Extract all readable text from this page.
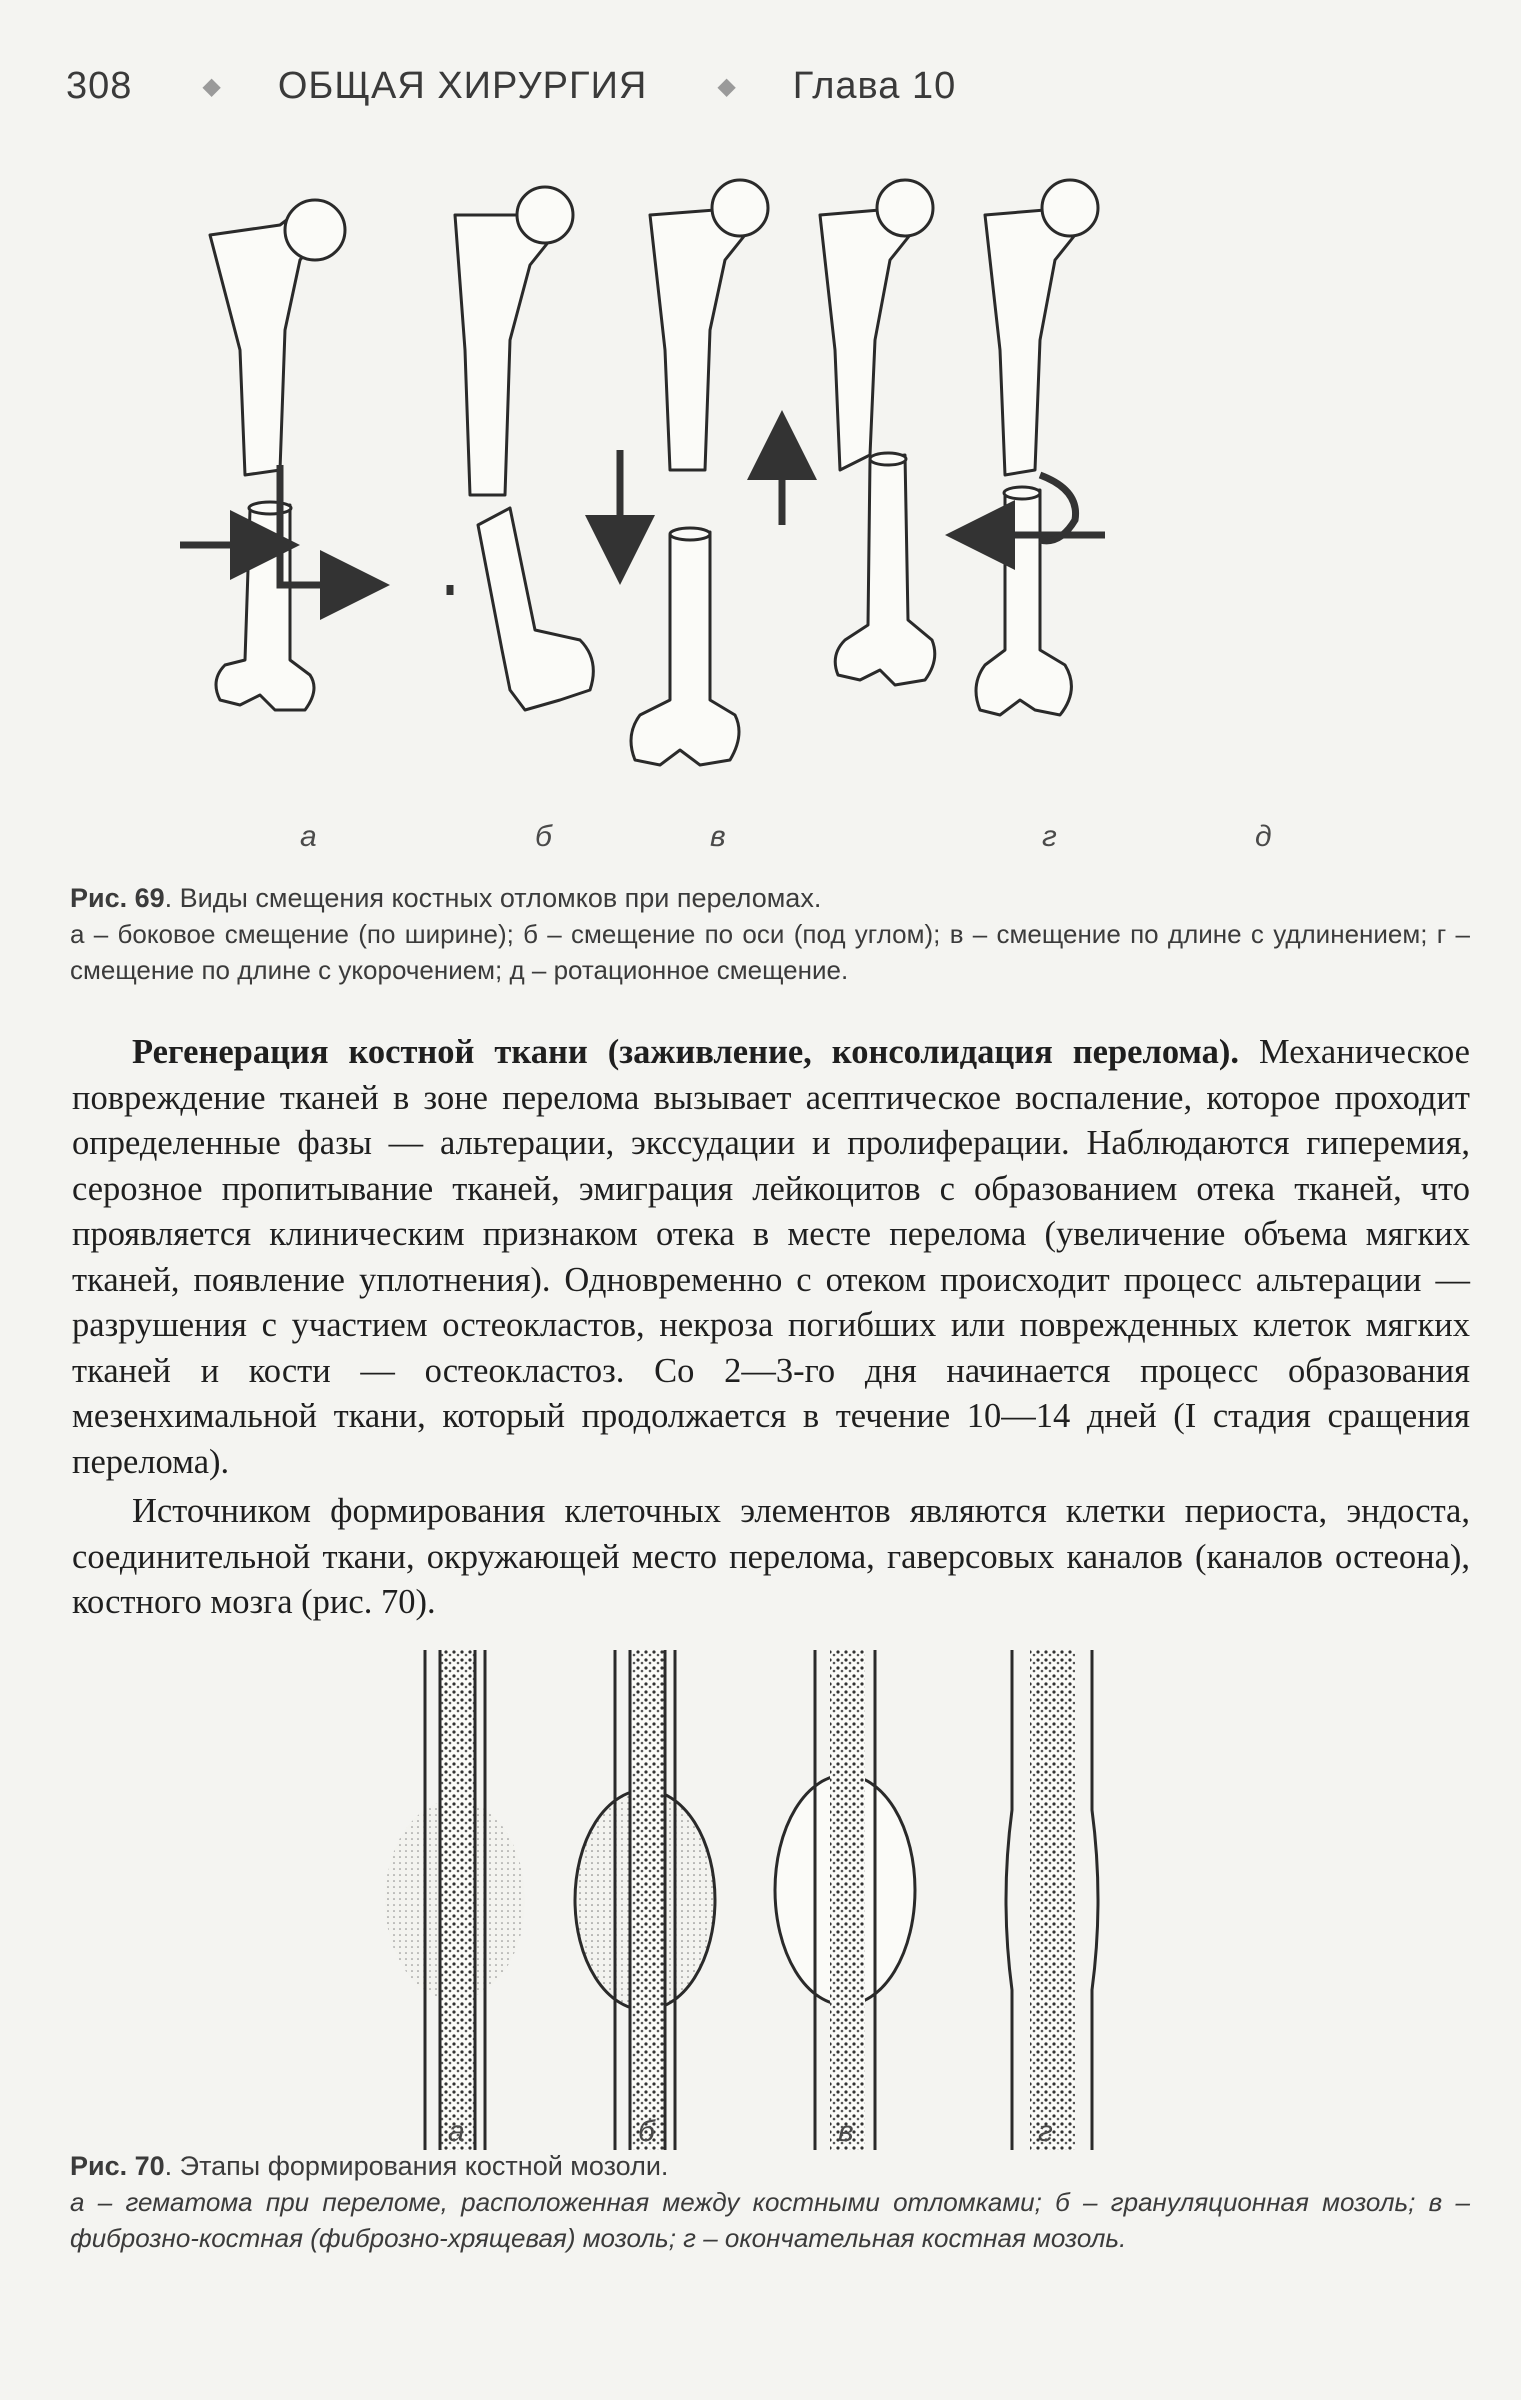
308	◆ ОБЩАЯ ХИРУРГИЯ	◆ Глава 10
а	б	в	г	д
Рис. 69. Виды смещения костных отломков при переломах.
а – боковое смещение (по ширине); б – смещение по оси (под углом); в – смещение по длине с удлинением; г – смещение по длине с укорочением; д – ротационное смещение.

Регенерация костной ткани (заживление, консолидация перелома). Механическое повреждение тканей в зоне перелома вызывает асептическое воспаление, которое проходит определенные фазы — альтерации, экссудации и пролиферации. Наблюдаются гиперемия, серозное пропитывание тканей, эмиграция лейкоцитов с образованием отека тканей, что проявляется клиническим признаком отека в месте перелома (увеличение объема мягких тканей, появление уплотнения). Одновременно с отеком происходит процесс альтерации — разрушения с участием остеокластов, некроза погибших или поврежденных клеток мягких тканей и кости — остеокластоз. Со 2—3-го дня начинается процесс образования мезенхимальной ткани, который продолжается в течение 10—14 дней (I стадия сращения перелома).

Источником формирования клеточных элементов являются клетки периоста, эндоста, соединительной ткани, окружающей место перелома, гаверсовых каналов (каналов остеона), костного мозга (рис. 70).

а	б	в	г
Рис. 70. Этапы формирования костной мозоли.
а – гематома при переломе, расположенная между костными отломками; б – грануляционная мозоль; в – фиброзно-костная (фиброзно-хрящевая) мозоль; г – окончательная костная мозоль.
